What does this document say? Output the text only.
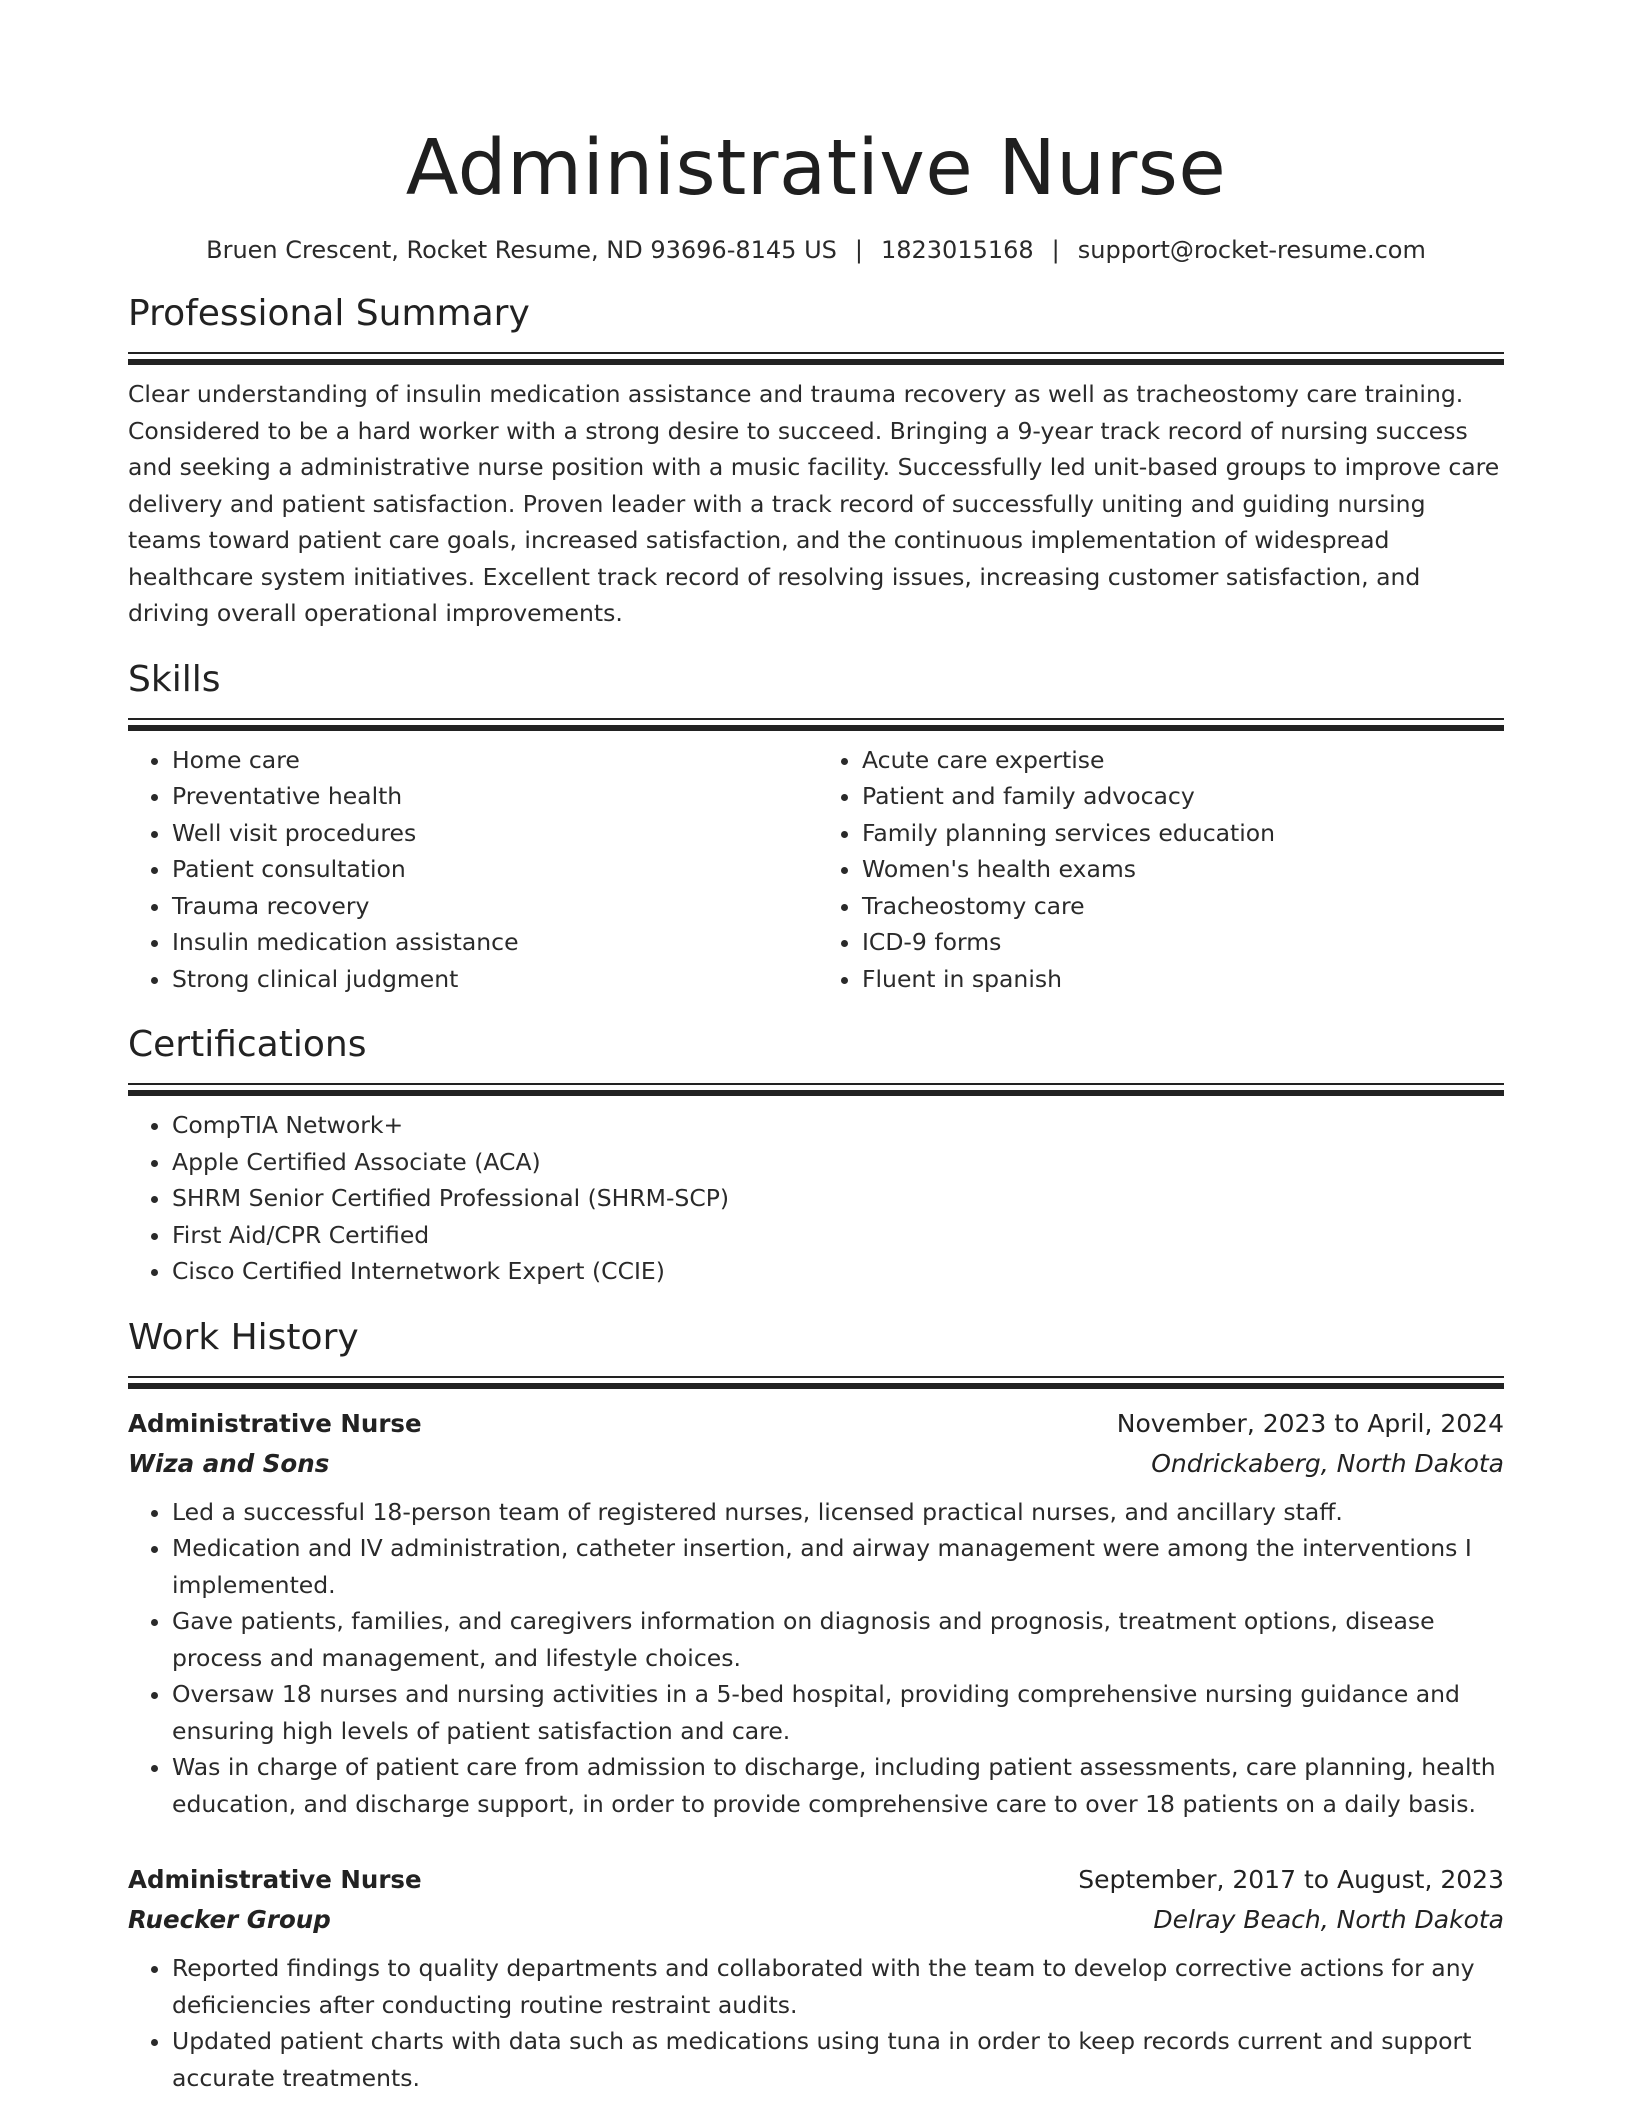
Administrative Nurse
Bruen Crescent, Rocket Resume, ND 93696-8145 US | 1823015168 | support@rocket-resume.com
Professional Summary
Clear understanding of insulin medication assistance and trauma recovery as well as tracheostomy care training. Considered to be a hard worker with a strong desire to succeed. Bringing a 9-year track record of nursing success and seeking a administrative nurse position with a music facility. Successfully led unit-based groups to improve care delivery and patient satisfaction. Proven leader with a track record of successfully uniting and guiding nursing teams toward patient care goals, increased satisfaction, and the continuous implementation of widespread healthcare system initiatives. Excellent track record of resolving issues, increasing customer satisfaction, and driving overall operational improvements.
Skills
• Home care
• Preventative health
• Well visit procedures
• Patient consultation
• Trauma recovery
• Insulin medication assistance
• Strong clinical judgment
• Acute care expertise
• Patient and family advocacy
• Family planning services education
• Women's health exams
• Tracheostomy care
• ICD-9 forms
• Fluent in spanish
Certifications
• CompTIA Network+
• Apple Certified Associate (ACA)
• SHRM Senior Certified Professional (SHRM-SCP)
• First Aid/CPR Certified
• Cisco Certified Internetwork Expert (CCIE)
Work History
Administrative Nurse	November, 2023 to April, 2024
Wiza and Sons	Ondrickaberg, North Dakota
• Led a successful 18-person team of registered nurses, licensed practical nurses, and ancillary staff.
• Medication and IV administration, catheter insertion, and airway management were among the interventions I implemented.
• Gave patients, families, and caregivers information on diagnosis and prognosis, treatment options, disease process and management, and lifestyle choices.
• Oversaw 18 nurses and nursing activities in a 5-bed hospital, providing comprehensive nursing guidance and ensuring high levels of patient satisfaction and care.
• Was in charge of patient care from admission to discharge, including patient assessments, care planning, health education, and discharge support, in order to provide comprehensive care to over 18 patients on a daily basis.
Administrative Nurse	September, 2017 to August, 2023
Ruecker Group	Delray Beach, North Dakota
• Reported findings to quality departments and collaborated with the team to develop corrective actions for any deficiencies after conducting routine restraint audits.
• Updated patient charts with data such as medications using tuna in order to keep records current and support accurate treatments.
